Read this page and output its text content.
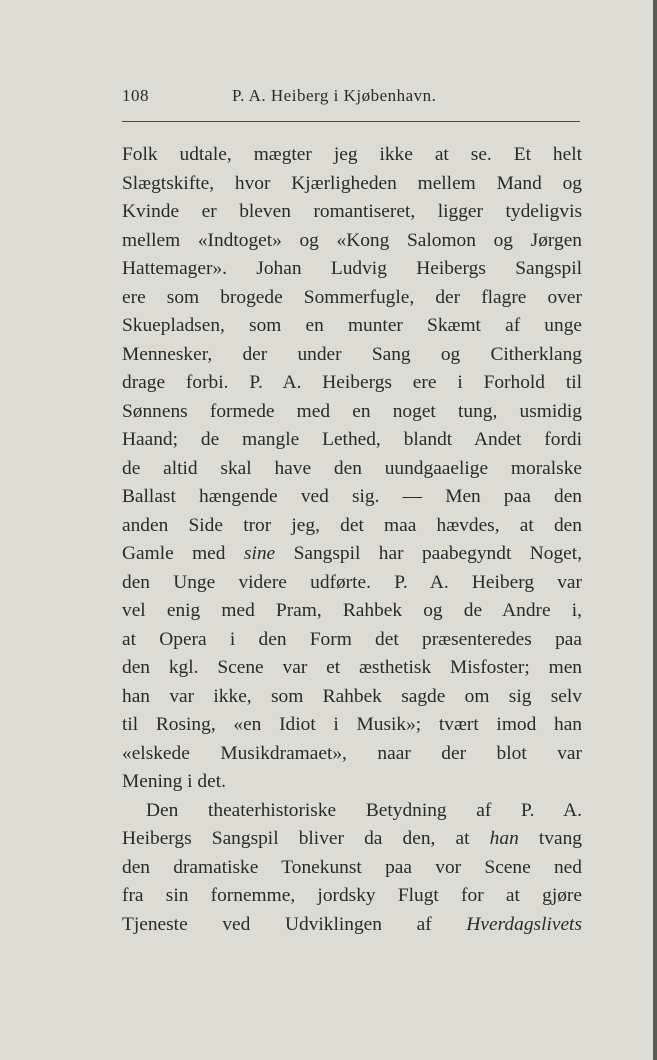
108	P. A. Heiberg i Kjøbenhavn.
Folk udtale, mægter jeg ikke at se. Et helt
Slægtskifte, hvor Kjærligheden mellem Mand og
Kvinde er bleven romantiseret, ligger tydeligvis
mellem «Indtoget» og «Kong Salomon og Jørgen
Hattemager». Johan Ludvig Heibergs Sangspil
ere som brogede Sommerfugle, der flagre over
Skuepladsen, som en munter Skæmt af unge
Mennesker, der under Sang og Citherklang
drage forbi. P. A. Heibergs ere i Forhold til
Sønnens formede med en noget tung, usmidig
Haand; de mangle Lethed, blandt Andet fordi
de altid skal have den uundgaaelige moralske
Ballast hængende ved sig. — Men paa den
anden Side tror jeg, det maa hævdes, at den
Gamle med sine Sangspil har paabegyndt Noget,
den Unge videre udførte. P. A. Heiberg var
vel enig med Pram, Rahbek og de Andre i,
at Opera i den Form det præsenteredes paa
den kgl. Scene var et æsthetisk Misfoster; men
han var ikke, som Rahbek sagde om sig selv
til Rosing, «en Idiot i Musik»; tvært imod han
«elskede Musikdramaet», naar der blot var
Mening i det.
Den theaterhistoriske Betydning af P. A.
Heibergs Sangspil bliver da den, at han tvang
den dramatiske Tonekunst paa vor Scene ned
fra sin fornemme, jordsky Flugt for at gjøre
Tjeneste ved Udviklingen af Hverdagslivets
